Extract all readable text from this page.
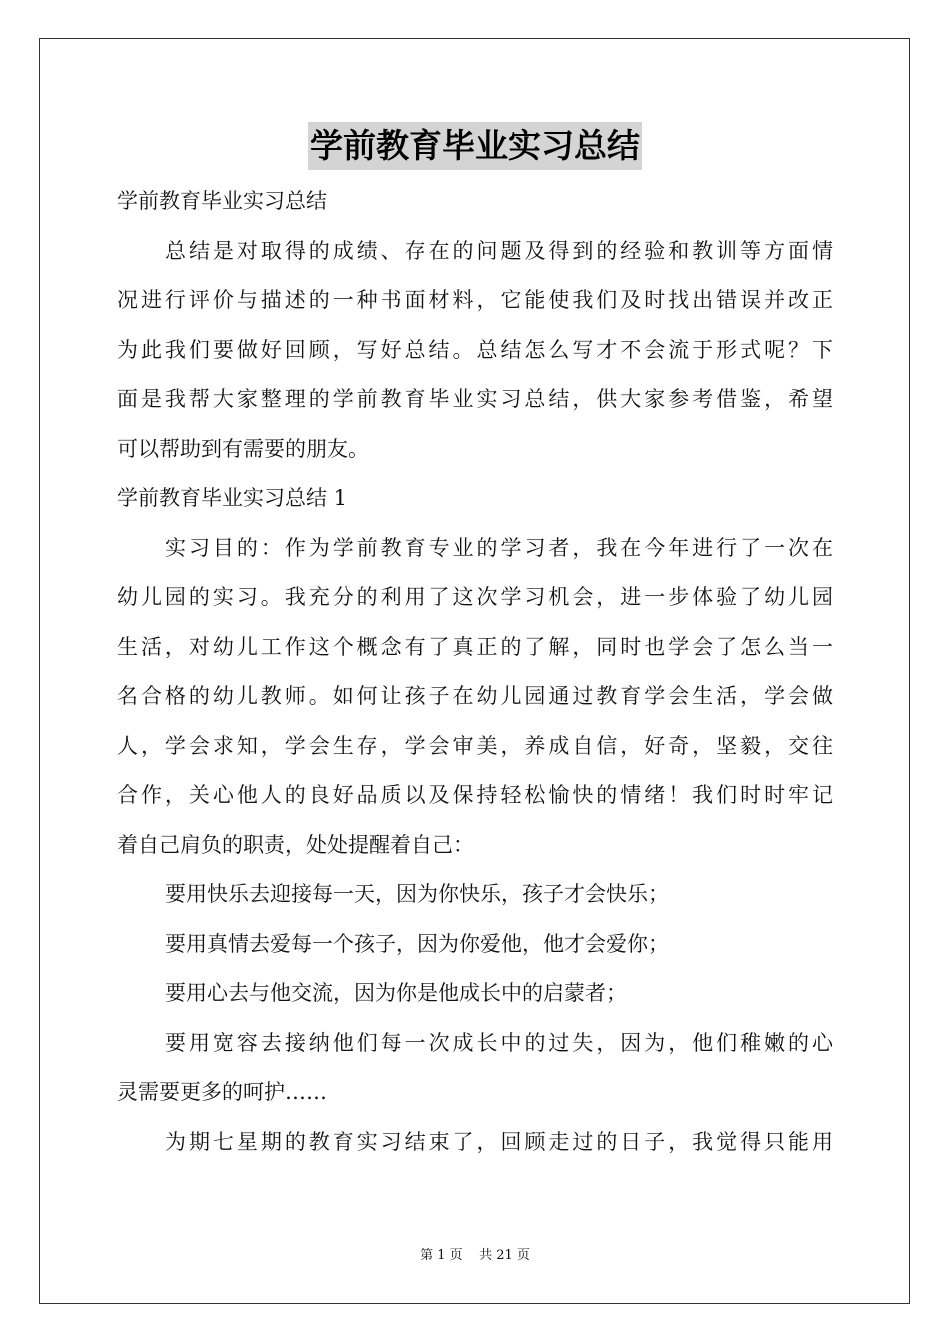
学前教育毕业实习总结
学前教育毕业实习总结
总结是对取得的成绩、存在的问题及得到的经验和教训等方面情
况进行评价与描述的一种书面材料，它能使我们及时找出错误并改正
为此我们要做好回顾，写好总结。总结怎么写才不会流于形式呢？下
面是我帮大家整理的学前教育毕业实习总结，供大家参考借鉴，希望
可以帮助到有需要的朋友。
学前教育毕业实习总结 1
实习目的：作为学前教育专业的学习者，我在今年进行了一次在
幼儿园的实习。我充分的利用了这次学习机会，进一步体验了幼儿园
生活，对幼儿工作这个概念有了真正的了解，同时也学会了怎么当一
名合格的幼儿教师。如何让孩子在幼儿园通过教育学会生活，学会做
人，学会求知，学会生存，学会审美，养成自信，好奇，坚毅，交往
合作，关心他人的良好品质以及保持轻松愉快的情绪！我们时时牢记
着自己肩负的职责，处处提醒着自己：
要用快乐去迎接每一天，因为你快乐，孩子才会快乐；
要用真情去爱每一个孩子，因为你爱他，他才会爱你；
要用心去与他交流，因为你是他成长中的启蒙者；
要用宽容去接纳他们每一次成长中的过失，因为，他们稚嫩的心
灵需要更多的呵护……
为期七星期的教育实习结束了，回顾走过的日子，我觉得只能用
第 1 页    共 21 页
